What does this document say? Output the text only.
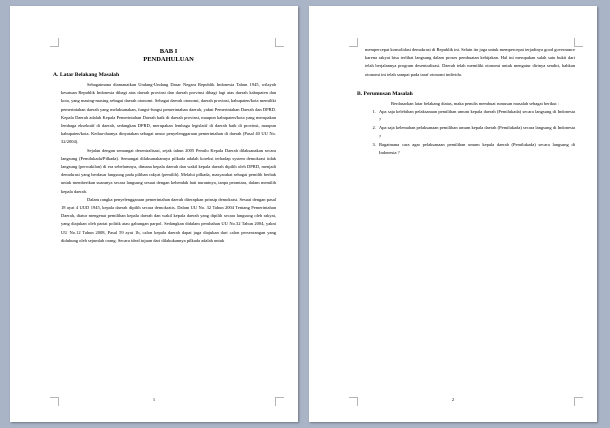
BAB I
PENDAHULUAN
A. Latar Belakang Masalah

Sebagaimana diamanatkan Undang-Undang Dasar Negara Republik Indonesia Tahun 1945, wilayah kesatuan Republik Indonesia dibagi atas daerah provinsi dan daerah provinsi dibagi lagi atas daerah kabupaten dan kota, yang masing-masing sebagai daerah otonomi. Sebagai daerah otonomi, daerah provinsi, kabupaten/kota memiliki pemerintahan daerah yang melaksanakan, fungsi-fungsi pemerintahan daerah, yakni Pemerintahan Daerah dan DPRD. Kepala Daerah adalah Kepala Pemerintahan Daerah baik di daerah provinsi, maupun kabupaten/kota yang merupakan lembaga eksekutif di daerah, sedangkan DPRD, merupakan lembaga legislatif di daerah baik di provinsi, maupun kabupaten/kota. Kedua-duanya dinyatakan sebagai unsur penyelenggaraan pemerintahan di daerah (Pasal 40 UU No. 32/2004).

Sejalan dengan semangat desentralisasi, sejak tahun 2005 Pemilu Kepala Daerah dilaksanakan secara langsung (Pemilukada/Pilkada). Semangat dilaksanakannya pilkada adalah koreksi terhadap system demokrasi tidak langsung (perwakilan) di era sebelumnya, dimana kepala daerah dan wakil kepala daerah dipilih oleh DPRD, menjadi demokrasi yang berdasar langsung pada pilihan rakyat (pemilih). Melalui pilkada, masyarakat sebagai pemilih berhak untuk memberikan suaranya secara langsung sesuai dengan kehendak hati nuraninya, tanpa perantara, dalam memilih kepala daerah.

Dalam rangka penyelenggaraan pemerintahan daerah diterapkan prinsip demokrasi. Sesuai dengan pasal 18 ayat 4 UUD 1945, kepala daerah dipilih secara demokratis. Dalam UU No. 32 Tahun 2004 Tentang Pemerintahan Daerah, diatur mengenai pemilihan kepala daerah dan wakil kepala daerah yang dipilih secara langsung oleh rakyat, yang diajukan oleh partai politik atau gabungan parpol. Sedangkan didalam perubahan UU No.32 Tahun 2004, yakni UU No.12 Tahun 2008, Pasal 59 ayat 1b, calon kepala daerah dapat juga diajukan dari calon perseorangan yang didukung oleh sejumlah orang. Secara ideal tujuan dari dilakukannya pilkada adalah untuk

1

mempercepat konsolidasi demokrasi di Republik ini. Selain itu juga untuk mempercepat terjadinya good governance karena rakyat bisa terlibat langsung dalam proses pembuatan kebijakan. Hal ini merupakan salah satu bukti dari telah berjalannya program desentralisasi. Daerah telah memiliki otonomi untuk mengatur dirinya sendiri, bahkan otonomi ini telah sampai pada taraf otonomi individu.

B. Perumusan Masalah

Berdasarkan latar belakang diatas, maka penulis membuat rumusan masalah sebagai berikut :

1. Apa saja kelebihan pelaksanaan pemilihan umum kepala daerah (Pemilukada) secara langsung di Indonesia ?
2. Apa saja kelemahan pelaksanaan pemilihan umum kepala daerah (Pemilukada) secara langsung di Indonesia ?
3. Bagaimana cara agar pelaksanaan pemilihan umum kepala daerah (Pemilukada) secara langsung di Indonesia ?
2
